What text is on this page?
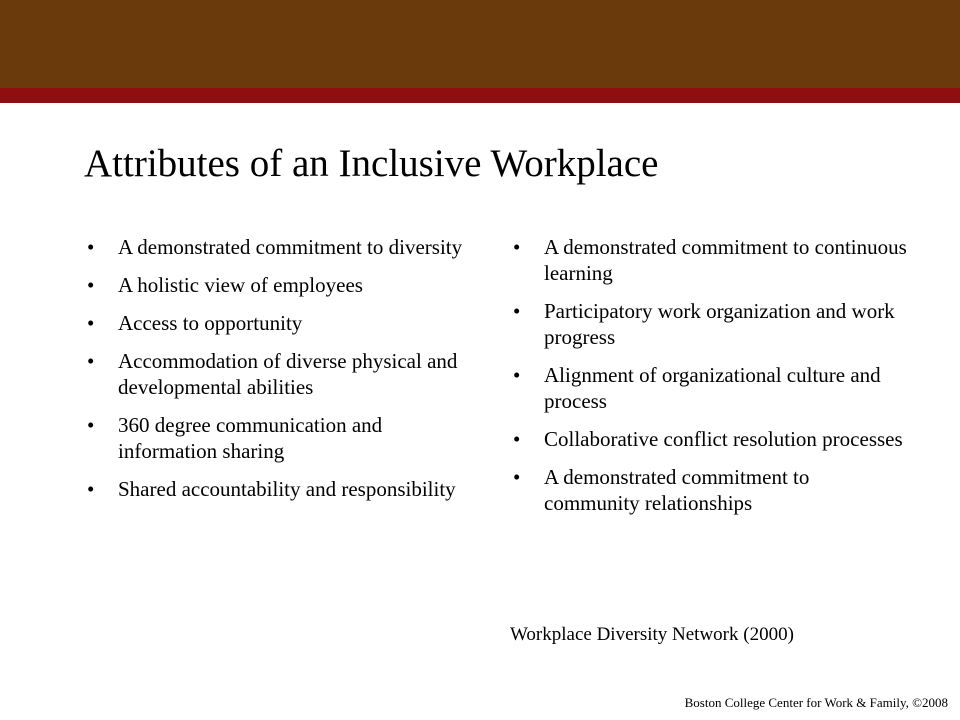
Attributes of an Inclusive Workplace
• A demonstrated commitment to diversity
• A holistic view of employees
• Access to opportunity
• Accommodation of diverse physical and developmental abilities
• 360 degree communication and information sharing
• Shared accountability and responsibility
• A demonstrated commitment to continuous learning
• Participatory work organization and work progress
• Alignment of organizational culture and process
• Collaborative conflict resolution processes
• A demonstrated commitment to community relationships

Workplace Diversity Network (2000)

Boston College Center for Work & Family, ©2008
